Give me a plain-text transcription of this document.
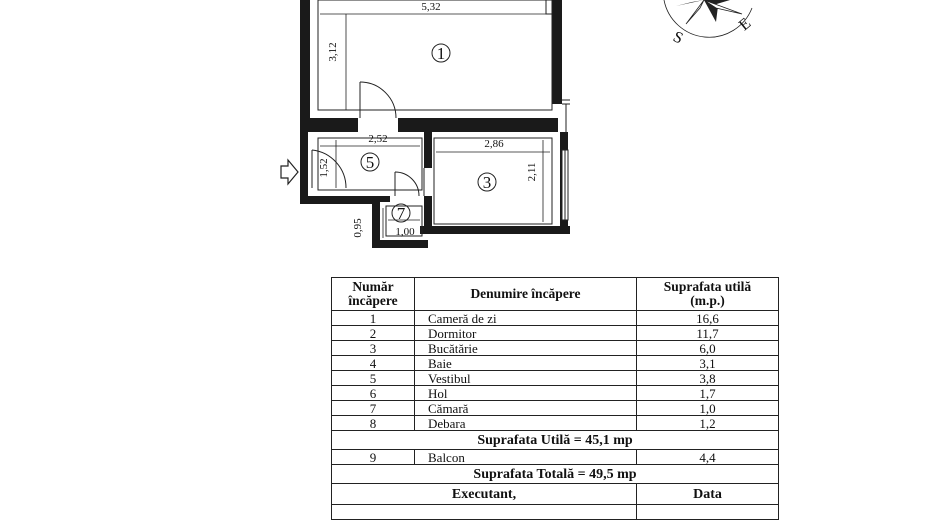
5,32
3,12
2,52
1,52
2,86
2,11
0,95	1,00
1
5
3
7
S
E
Număr
încăpere	Denumire încăpere	Suprafata utilă
(m.p.)
1	Cameră de zi	16,6
2	Dormitor	11,7
3	Bucătărie	6,0
4	Baie	3,1
5	Vestibul	3,8
6	Hol	1,7
7	Cămară	1,0
8	Debara	1,2
Suprafata Utilă = 45,1 mp		
9	Balcon	4,4
Suprafata Totală = 49,5 mp		
Executant,		Data
